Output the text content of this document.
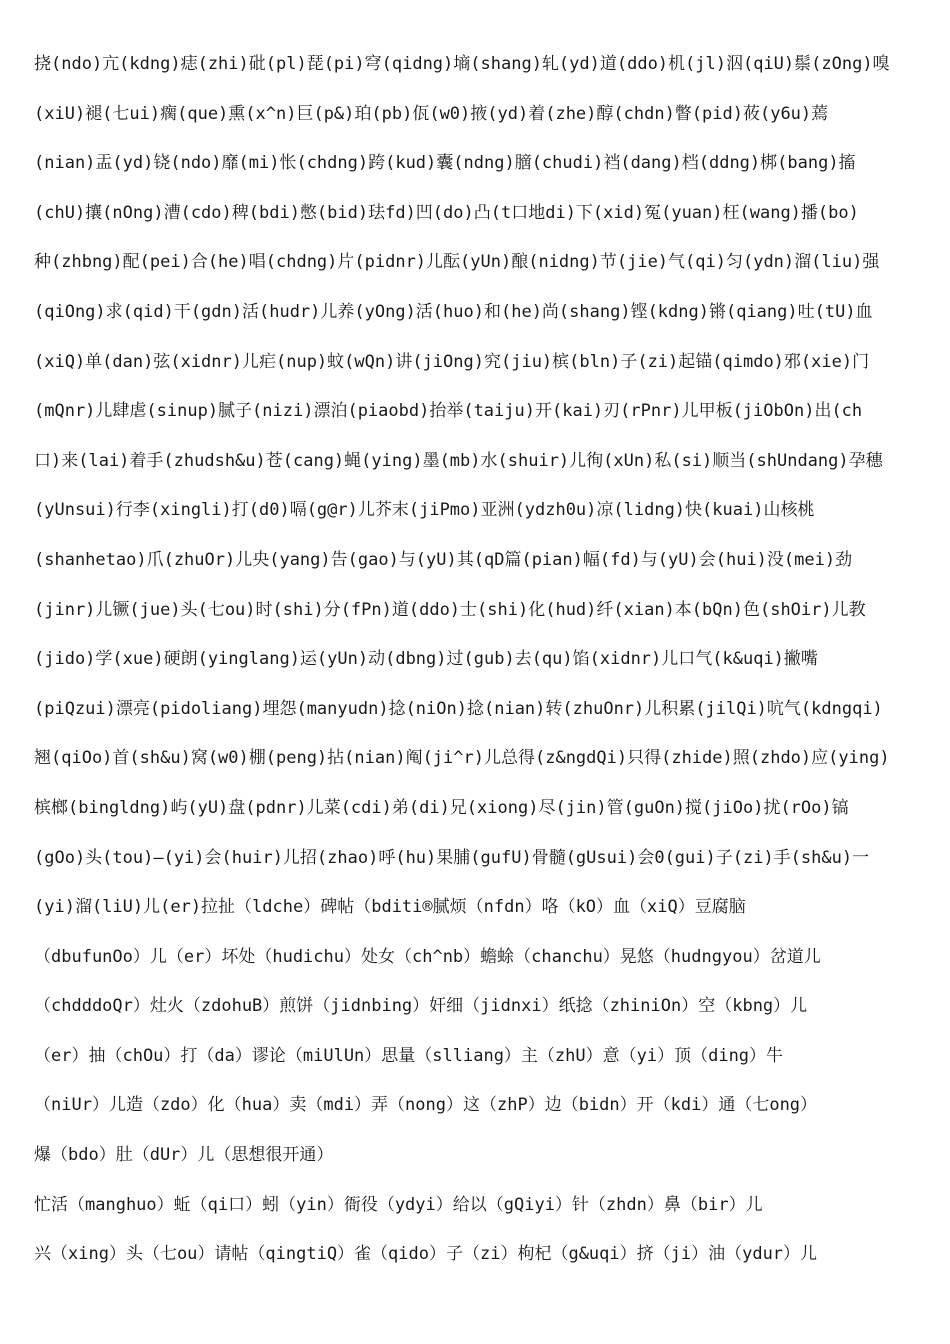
挠(ndo)亢(kdng)痣(zhi)砒(pl)琵(pi)穹(qidng)墒(shang)轧(yd)道(ddo)机(jl)泅(qiU)鬃(zOng)嗅
(xiU)褪(七ui)瘸(que)熏(x^n)巨(p&)珀(pb)佤(w0)掖(yd)着(zhe)醇(chdn)瞥(pid)莜(y6u)蔫
(nian)盂(yd)铙(ndo)靡(mi)怅(chdng)跨(kud)囊(ndng)膪(chudi)裆(dang)档(ddng)梆(bang)搐
(chU)攘(nOng)漕(cdo)稗(bdi)憋(bid)珐fd)凹(do)凸(t口地di)下(xid)冤(yuan)枉(wang)播(bo)
种(zhbng)配(pei)合(he)唱(chdng)片(pidnr)儿酝(yUn)酿(nidng)节(jie)气(qi)匀(ydn)溜(liu)强
(qiOng)求(qid)干(gdn)活(hudr)儿养(yOng)活(huo)和(he)尚(shang)铿(kdng)锵(qiang)吐(tU)血
(xiQ)单(dan)弦(xidnr)儿疟(nup)蚊(wQn)讲(jiOng)究(jiu)槟(bln)子(zi)起锚(qimdo)邪(xie)门
(mQnr)儿肆虐(sinup)腻子(nizi)漂泊(piaobd)抬举(taiju)开(kai)刃(rPnr)儿甲板(jiObOn)出(ch
口)来(lai)着手(zhudsh&u)苍(cang)蝇(ying)墨(mb)水(shuir)儿徇(xUn)私(si)顺当(shUndang)孕穗
(yUnsui)行李(xingli)打(d0)嗝(g@r)儿芥末(jiPmo)亚洲(ydzh0u)凉(lidng)快(kuai)山核桃
(shanhetao)爪(zhuOr)儿央(yang)告(gao)与(yU)其(qD篇(pian)幅(fd)与(yU)会(hui)没(mei)劲
(jinr)儿镢(jue)头(七ou)时(shi)分(fPn)道(ddo)士(shi)化(hud)纤(xian)本(bQn)色(shOir)儿教
(jido)学(xue)硬朗(yinglang)运(yUn)动(dbng)过(gub)去(qu)馅(xidnr)儿口气(k&uqi)撇嘴
(piQzui)漂亮(pidoliang)埋怨(manyudn)捻(niOn)捻(nian)转(zhuOnr)儿积累(jilQi)吭气(kdngqi)
翘(qiOo)首(sh&u)窝(w0)棚(peng)拈(nian)阄(ji^r)儿总得(z&ngdQi)只得(zhide)照(zhdo)应(ying)
槟榔(bingldng)屿(yU)盘(pdnr)儿菜(cdi)弟(di)兄(xiong)尽(jin)管(guOn)搅(jiOo)扰(rOo)镐
(gOo)头(tou)—(yi)会(huir)儿招(zhao)呼(hu)果脯(gufU)骨髓(gUsui)会0(gui)子(zi)手(sh&u)一
(yi)溜(liU)儿(er)拉扯（ldche）碑帖（bditi®腻烦（nfdn）咯（kO）血（xiQ）豆腐脑
（dbufunOo）儿（er）坏处（hudichu）处女（ch^nb）蟾蜍（chanchu）晃悠（hudngyou）岔道儿
（chdddoQr）灶火（zdohuB）煎饼（jidnbing）奸细（jidnxi）纸捻（zhiniOn）空（kbng）儿
（er）抽（chOu）打（da）谬论（miUlUn）思量（slliang）主（zhU）意（yi）顶（ding）牛
（niUr）儿造（zdo）化（hua）卖（mdi）弄（nong）这（zhP）边（bidn）开（kdi）通（七ong）
爆（bdo）肚（dUr）儿（思想很开通）
忙活（manghuo）蚯（qi口）蚓（yin）衙役（ydyi）给以（gQiyi）针（zhdn）鼻（bir）儿
兴（xing）头（七ou）请帖（qingtiQ）雀（qido）子（zi）枸杞（g&uqi）挤（ji）油（ydur）儿
